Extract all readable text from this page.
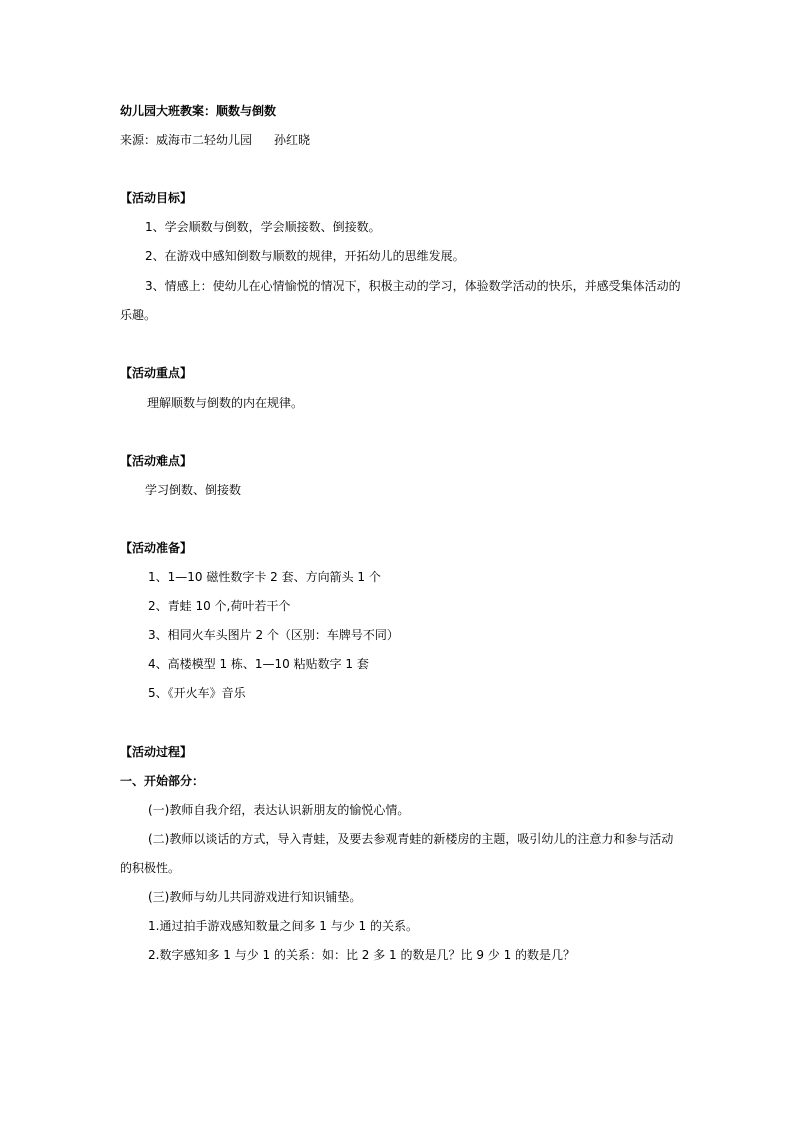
幼儿园大班教案：顺数与倒数
来源：威海市二轻幼儿园 孙红晓
【活动目标】
1、学会顺数与倒数，学会顺接数、倒接数。
2、在游戏中感知倒数与顺数的规律，开拓幼儿的思维发展。
3、情感上：使幼儿在心情愉悦的情况下，积极主动的学习，体验数学活动的快乐，并感受集体活动的
乐趣。
【活动重点】
理解顺数与倒数的内在规律。
【活动难点】
学习倒数、倒接数
【活动准备】
1、1—10 磁性数字卡 2 套、方向箭头 1 个
2、青蛙 10 个,荷叶若干个
3、相同火车头图片 2 个（区别：车牌号不同）
4、高楼模型 1 栋、1—10 粘贴数字 1 套
5、《开火车》音乐
【活动过程】
一、开始部分：
(一)教师自我介绍，表达认识新朋友的愉悦心情。
(二)教师以谈话的方式，导入青蛙，及要去参观青蛙的新楼房的主题，吸引幼儿的注意力和参与活动
的积极性。
(三)教师与幼儿共同游戏进行知识铺垫。
1.通过拍手游戏感知数量之间多 1 与少 1 的关系。
2.数字感知多 1 与少 1 的关系：如：比 2 多 1 的数是几？比 9 少 1 的数是几？
